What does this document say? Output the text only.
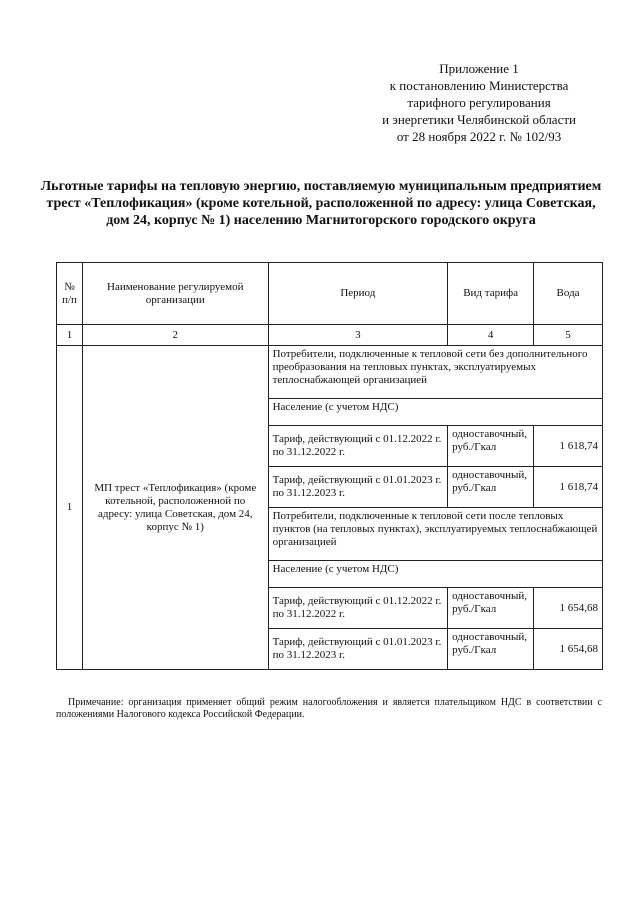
Приложение 1
к постановлению Министерства
тарифного регулирования
и энергетики Челябинской области
от 28 ноября 2022 г. № 102/93
Льготные тарифы на тепловую энергию, поставляемую муниципальным предприятием трест «Теплофикация» (кроме котельной, расположенной по адресу: улица Советская, дом 24, корпус № 1) населению Магнитогорского городского округа
№ п/п	Наименование регулируемой организации	Период	Вид тарифа	Вода
1	2	3	4	5
1	МП трест «Теплофикация» (кроме котельной, расположенной по адресу: улица Советская, дом 24, корпус № 1)	Потребители, подключенные к тепловой сети без дополнительного преобразования на тепловых пунктах, эксплуатируемых теплоснабжающей организацией		
		Население (с учетом НДС)		
		Тариф, действующий с 01.12.2022 г. по 31.12.2022 г.	одноставочный, руб./Гкал	1 618,74
		Тариф, действующий с 01.01.2023 г. по 31.12.2023 г.	одноставочный, руб./Гкал	1 618,74
		Потребители, подключенные к тепловой сети после тепловых пунктов (на тепловых пунктах), эксплуатируемых теплоснабжающей организацией		
		Население (с учетом НДС)		
		Тариф, действующий с 01.12.2022 г. по 31.12.2022 г.	одноставочный, руб./Гкал	1 654,68
		Тариф, действующий с 01.01.2023 г. по 31.12.2023 г.	одноставочный, руб./Гкал	1 654,68
Примечание: организация применяет общий режим налогообложения и является плательщиком НДС в соответствии с положениями Налогового кодекса Российской Федерации.
